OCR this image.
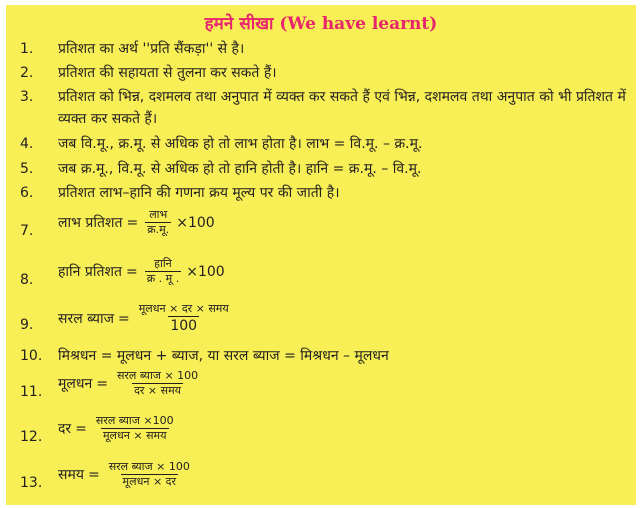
हमने सीखा (We have learnt)
1.	प्रतिशत का अर्थ ''प्रति सैंकड़ा'' से है।
2.	प्रतिशत की सहायता से तुलना कर सकते हैं।
3.	प्रतिशत को भिन्न, दशमलव तथा अनुपात में व्यक्त कर सकते हैं एवं भिन्न, दशमलव तथा अनुपात को भी प्रतिशत में व्यक्त कर सकते हैं।
4.	जब वि.मू., क्र.मू. से अधिक हो तो लाभ होता है। लाभ = वि.मू. – क्र.मू.
5.	जब क्र.मू., वि.मू. से अधिक हो तो हानि होती है। हानि = क्र.मू. – वि.मू.
6.	प्रतिशत लाभ–हानि की गणना क्रय मूल्य पर की जाती है।
7.
लाभ प्रतिशत = $\frac{\text{लाभ}}{\text{क्र.मू.}} \times 100$
8.
हानि प्रतिशत = $\frac{\text{हानि}}{\text{क्र . मू .}} \times 100$
9.	सरल ब्याज = $\frac{\text{मूलधन × दर × समय}}{100}$
10.	मिश्रधन = मूलधन + ब्याज, या सरल ब्याज = मिश्रधन – मूलधन
11.
मूलधन = $\frac{\text{सरल ब्याज × 100}}{\text{दर × समय}}$
12.
दर = $\frac{\text{सरल ब्याज ×100}}{\text{मूलधन × समय}}$
13.
समय = $\frac{\text{सरल ब्याज × 100}}{\text{मूलधन × दर}}$
